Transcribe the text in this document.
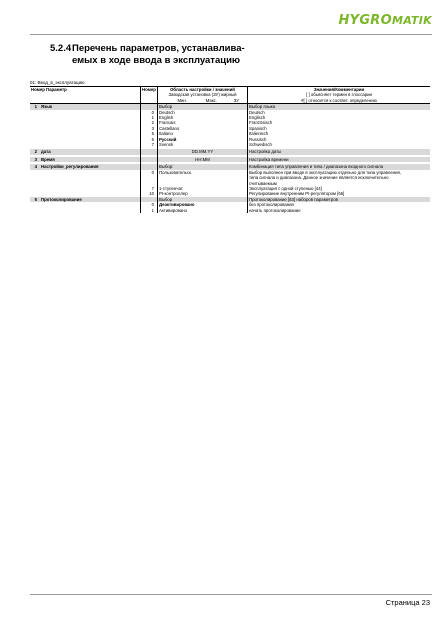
HYGROMATIK
5.2.4Перечень параметров, устанавлива-
емых в ходе ввода в эксплуатацию
01: Ввод_в_эксплуатацию
Номер Параметр		Номер	Область настройки / значений	Значения/Комментарии
			Заводская установка (ЗУ) жирный	[ ] обьясняет термин в глоссарии
			Мин. Макс. ЗУ	#[ ] относится к соответ. определению
1	Язык		Выбор	Выбор языка
		0	Deutsch	Deutsch
		1	English	Englisch
		2	Francais	Französisch
		3	Castellano	Spanisch
		5	Italiano	Italienisch
		6	Русский	Russisch
		7	Svensk	Schwedisch

2	дата		DD.MM.YY	Настройка даты

3	Время		HH:MM	Настройка времени

4	Настройки_регулирования		Выбор:	Комбинация типа управления и типа / диапазона входного сигнала
		0	Пользовательск.	Выбор выполнен при вводе в эксплуатацию отдельно для типа управления,
				типа сигнала и диапазона. Данное значение является исключительно
				считываемым
		7	1-ступенчат.	Эксплуатация с одной ступенью [44]
		10	PI-контроллер	Регулирование внутренним PI-регулятором [66]
5	Протоколирование		Выбор	Протоколирование [63] наборов параметров
		0	Деактивировано	без протоколирования
		1	Активировано	начать протоколирование
Страница 23
